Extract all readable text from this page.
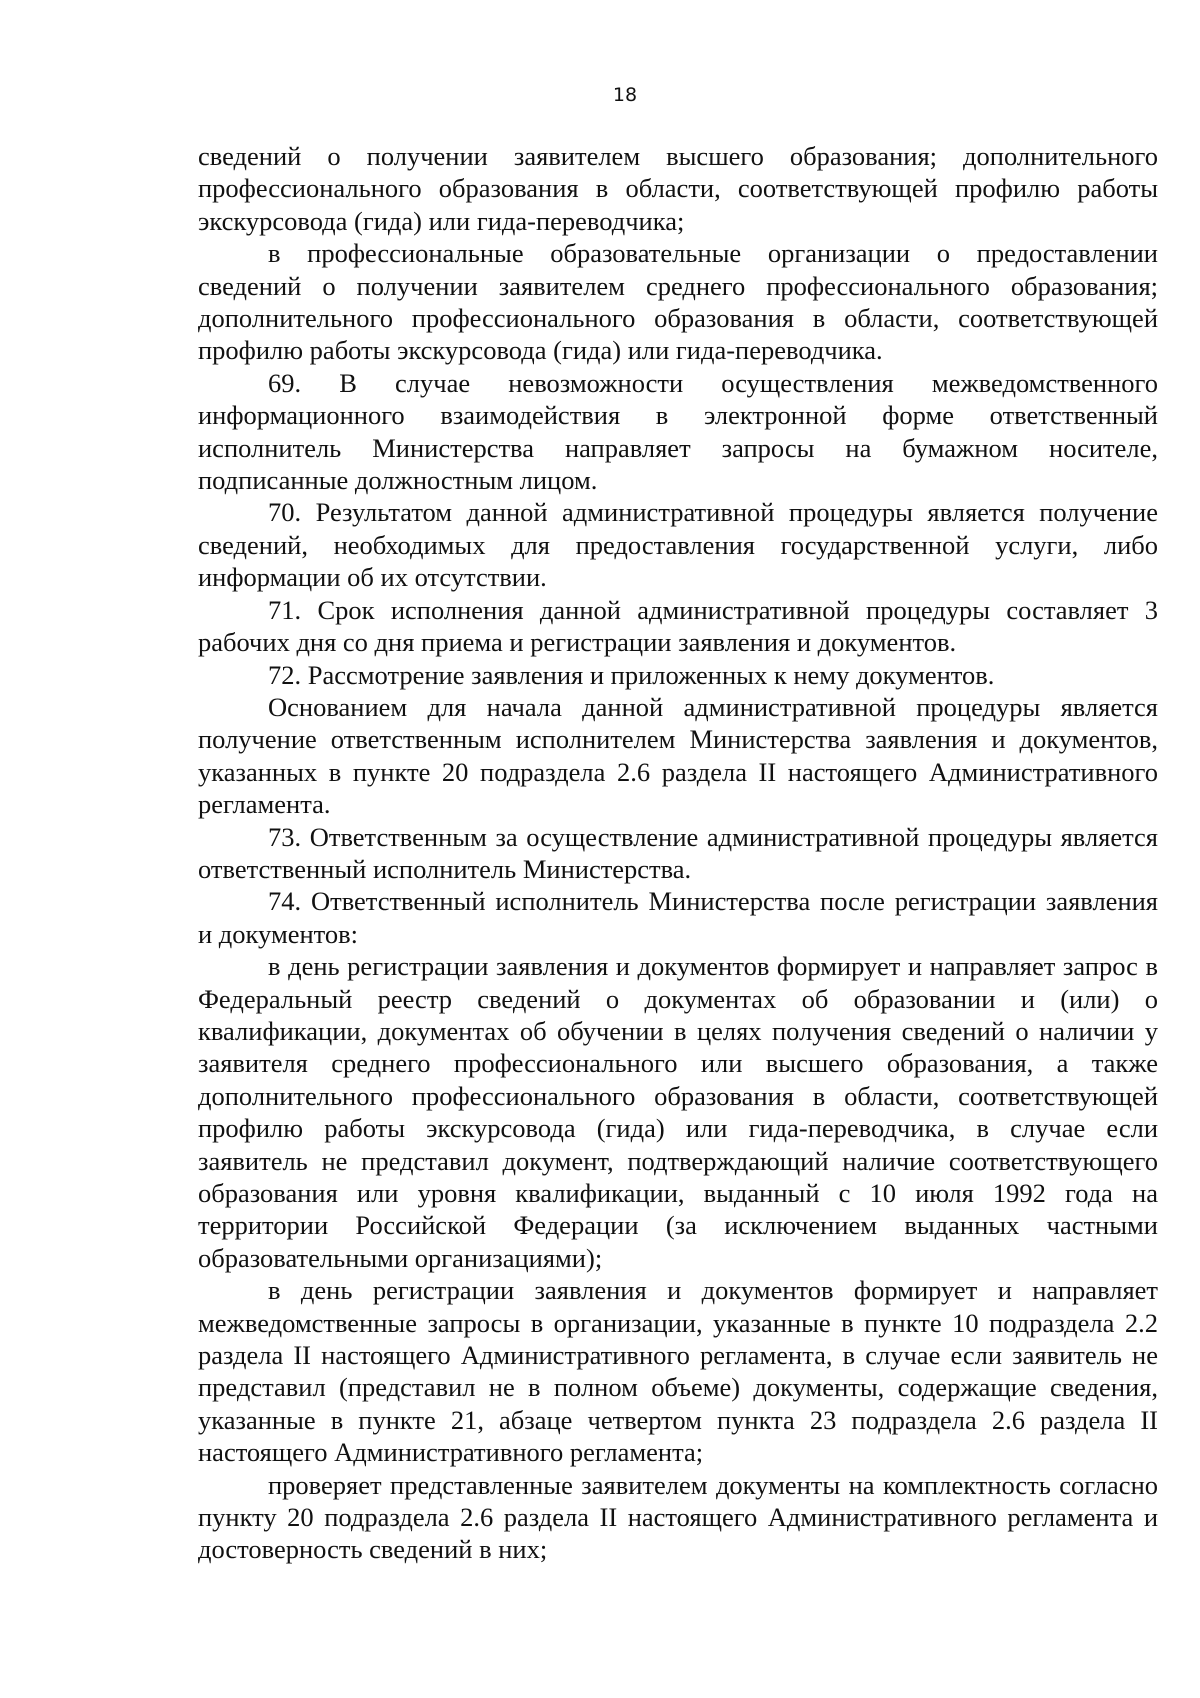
18

сведений о получении заявителем высшего образования; дополнительного профессионального образования в области, соответствующей профилю работы экскурсовода (гида) или гида-переводчика;

в профессиональные образовательные организации о предоставлении сведений о получении заявителем среднего профессионального образования; дополнительного профессионального образования в области, соответствующей профилю работы экскурсовода (гида) или гида-переводчика.

69. В случае невозможности осуществления межведомственного информационного взаимодействия в электронной форме ответственный исполнитель Министерства направляет запросы на бумажном носителе, подписанные должностным лицом.

70. Результатом данной административной процедуры является получение сведений, необходимых для предоставления государственной услуги, либо информации об их отсутствии.

71. Срок исполнения данной административной процедуры составляет 3 рабочих дня со дня приема и регистрации заявления и документов.

72. Рассмотрение заявления и приложенных к нему документов.

Основанием для начала данной административной процедуры является получение ответственным исполнителем Министерства заявления и документов, указанных в пункте 20 подраздела 2.6 раздела II настоящего Административного регламента.

73. Ответственным за осуществление административной процедуры является ответственный исполнитель Министерства.

74. Ответственный исполнитель Министерства после регистрации заявления и документов:

в день регистрации заявления и документов формирует и направляет запрос в Федеральный реестр сведений о документах об образовании и (или) о квалификации, документах об обучении в целях получения сведений о наличии у заявителя среднего профессионального или высшего образования, а также дополнительного профессионального образования в области, соответствующей профилю работы экскурсовода (гида) или гида-переводчика, в случае если заявитель не представил документ, подтверждающий наличие соответствующего образования или уровня квалификации, выданный с 10 июля 1992 года на территории Российской Федерации (за исключением выданных частными образовательными организациями);

в день регистрации заявления и документов формирует и направляет межведомственные запросы в организации, указанные в пункте 10 подраздела 2.2 раздела II настоящего Административного регламента, в случае если заявитель не представил (представил не в полном объеме) документы, содержащие сведения, указанные в пункте 21, абзаце четвертом пункта 23 подраздела 2.6 раздела II настоящего Административного регламента;

проверяет представленные заявителем документы на комплектность согласно пункту 20 подраздела 2.6 раздела II настоящего Административного регламента и достоверность сведений в них;
